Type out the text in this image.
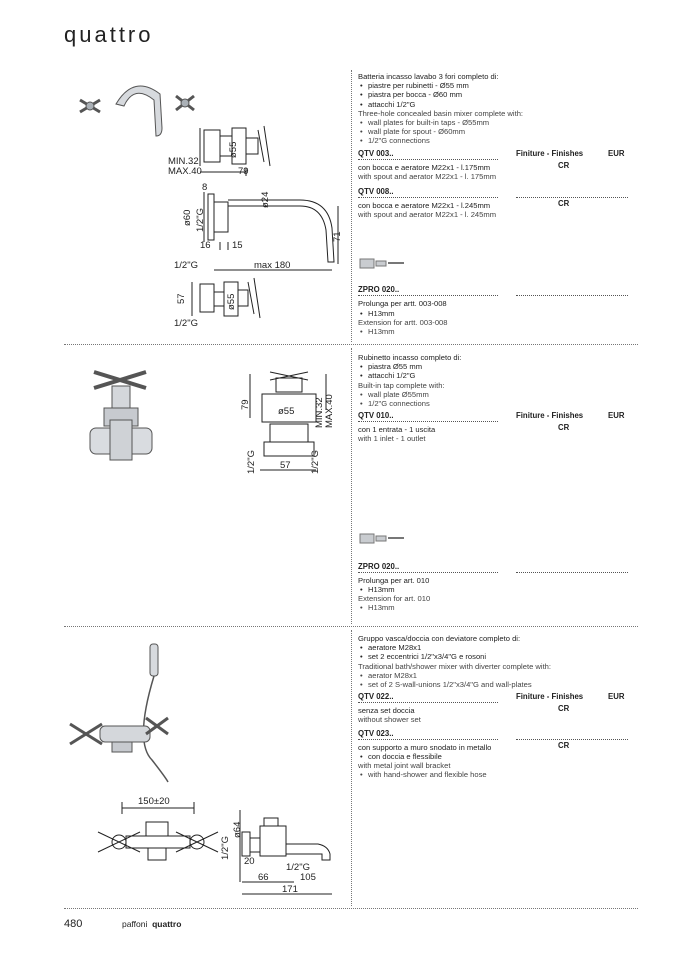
quattro
MIN.32
MAX.40	79
ø55
8
ø60 1/2"G
ø24
16 15
71
1/2"G	max 180
57	ø55
1/2"G
Batteria incasso lavabo 3 fori completo di:
• piastre per rubinetti - Ø55 mm
• piastra per bocca - Ø60 mm
• attacchi 1/2"G
Three-hole concealed basin mixer complete with:
• wall plates for built-in taps - Ø55mm
• wall plate for spout - Ø60mm
• 1/2"G connections
QTV 003..	Finiture - Finishes	EUR
con bocca e aeratore M22x1 - l.175mm
with spout and aerator M22x1 - l. 175mm
CR
QTV 008..
con bocca e aeratore M22x1 - l.245mm
with spout and aerator M22x1 - l. 245mm
CR
ZPRO 020..
Prolunga per artt. 003-008
• H13mm
Extension for artt. 003-008
• H13mm
79
ø55 MIN.32 MAX.40
1/2"G 57 1/2"G
Rubinetto incasso completo di:
• piastra Ø55 mm
• attacchi 1/2"G
Built-in tap complete with:
• wall plate Ø55mm
• 1/2"G connections
QTV 010..	Finiture - Finishes	EUR
con 1 entrata - 1 uscita
with 1 inlet - 1 outlet
CR
ZPRO 020..
Prolunga per art. 010
• H13mm
Extension for art. 010
• H13mm
150±20
ø64
1/2"G
20
1/2"G
66	105
171
Gruppo vasca/doccia con deviatore completo di:
• aeratore M28x1
• set 2 eccentrici 1/2"x3/4"G e rosoni
Traditional bath/shower mixer with diverter complete with:
• aerator M28x1
• set of 2 S-wall-unions 1/2"x3/4"G and wall-plates
QTV 022..	Finiture - Finishes	EUR
senza set doccia
without shower set
CR
QTV 023..
con supporto a muro snodato in metallo
• con doccia e flessibile
with metal joint wall bracket
• with hand-shower and flexible hose
CR
480	paffoni quattro
